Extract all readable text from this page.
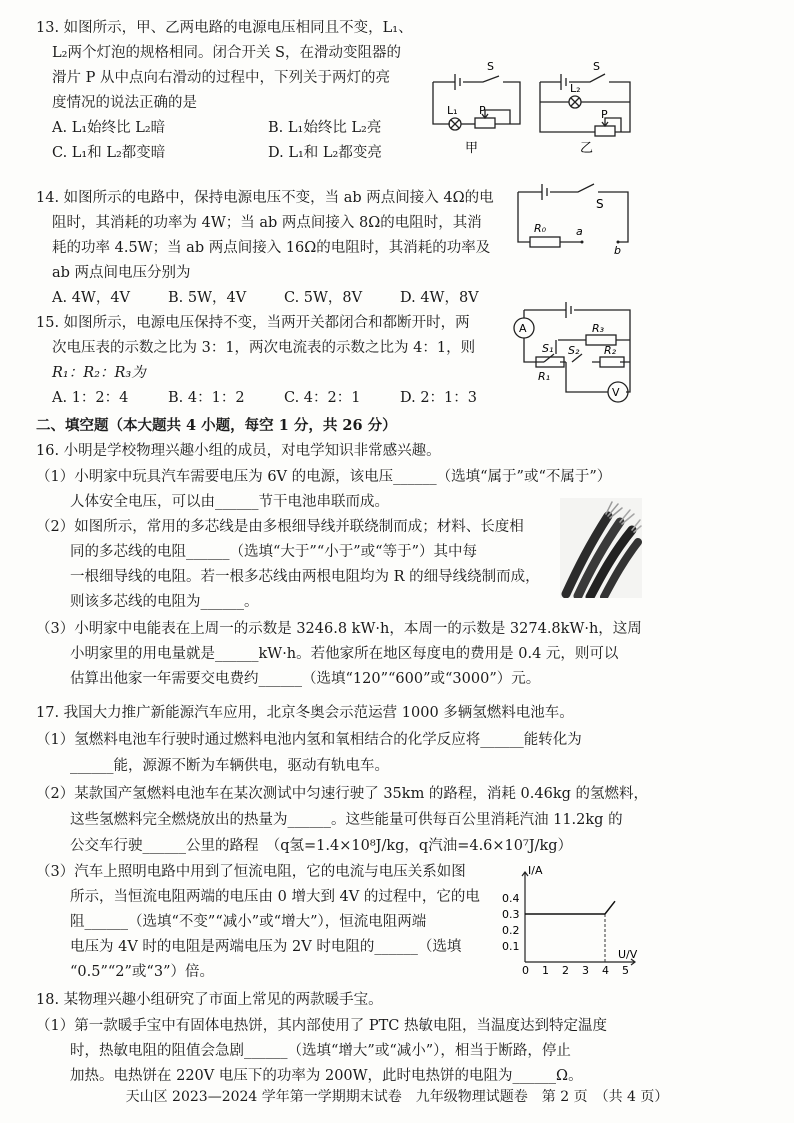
13. 如图所示，甲、乙两电路的电源电压相同且不变，L₁、
L₂两个灯泡的规格相同。闭合开关 S，在滑动变阻器的
滑片 P 从中点向右滑动的过程中，下列关于两灯的亮
度情况的说法正确的是
A. L₁始终比 L₂暗	B. L₁始终比 L₂亮
C. L₁和 L₂都变暗	D. L₁和 L₂都变亮
S
L₁ P
L₂
S
P
甲	乙
14. 如图所示的电路中，保持电源电压不变，当 ab 两点间接入 4Ω的电
阻时，其消耗的功率为 4W；当 ab 两点间接入 8Ω的电阻时，其消
耗的功率 4.5W；当 ab 两点间接入 16Ω的电阻时，其消耗的功率及
ab 两点间电压分别为
A. 4W，4V	B. 5W，4V	C. 5W，8V	D. 4W，8V
S
R₀	a
b
15. 如图所示，电源电压保持不变，当两开关都闭合和都断开时，两
次电压表的示数之比为 3：1，两次电流表的示数之比为 4：1，则
R₁：R₂：R₃为
A. 1：2：4	B. 4：1：2	C. 4：2：1	D. 2：1：3
A
V
S₁ S₂
R₃
R₁
R₂
二、填空题（本大题共 4 小题，每空 1 分，共 26 分）
16. 小明是学校物理兴趣小组的成员，对电学知识非常感兴趣。
（1）小明家中玩具汽车需要电压为 6V 的电源，该电压______（选填“属于”或“不属于”）
人体安全电压，可以由______节干电池串联而成。
（2）如图所示，常用的多芯线是由多根细导线并联绕制而成；材料、长度相
同的多芯线的电阻______（选填“大于”“小于”或“等于”）其中每
一根细导线的电阻。若一根多芯线由两根电阻均为 R 的细导线绕制而成，
则该多芯线的电阻为______。
（3）小明家中电能表在上周一的示数是 3246.8 kW·h，本周一的示数是 3274.8kW·h，这周
小明家里的用电量就是______kW·h。若他家所在地区每度电的费用是 0.4 元，则可以
估算出他家一年需要交电费约______（选填“120”“600”或“3000”）元。
17. 我国大力推广新能源汽车应用，北京冬奥会示范运营 1000 多辆氢燃料电池车。
（1）氢燃料电池车行驶时通过燃料电池内氢和氧相结合的化学反应将______能转化为
______能，源源不断为车辆供电，驱动有轨电车。
（2）某款国产氢燃料电池车在某次测试中匀速行驶了 35km 的路程，消耗 0.46kg 的氢燃料，
这些氢燃料完全燃烧放出的热量为______。这些能量可供每百公里消耗汽油 11.2kg 的
公交车行驶______公里的路程　（q氢=1.4×10⁸J/kg，q汽油=4.6×10⁷J/kg）
（3）汽车上照明电路中用到了恒流电阻，它的电流与电压关系如图
所示，当恒流电阻两端的电压由 0 增大到 4V 的过程中，它的电
阻______（选填“不变”“减小”或“增大”），恒流电阻两端
电压为 4V 时的电阻是两端电压为 2V 时电阻的______（选填
“0.5”“2”或“3”）倍。	0 1 2 3 4 5
0.1
0.2
0.3
0.4
I/A
U/V
18. 某物理兴趣小组研究了市面上常见的两款暖手宝。
（1）第一款暖手宝中有固体电热饼，其内部使用了 PTC 热敏电阻，当温度达到特定温度
时，热敏电阻的阻值会急剧______（选填“增大”或“减小”），相当于断路，停止
加热。电热饼在 220V 电压下的功率为 200W，此时电热饼的电阻为______Ω。
天山区 2023—2024 学年第一学期期末试卷　九年级物理试题卷　第 2 页　（共 4 页）
